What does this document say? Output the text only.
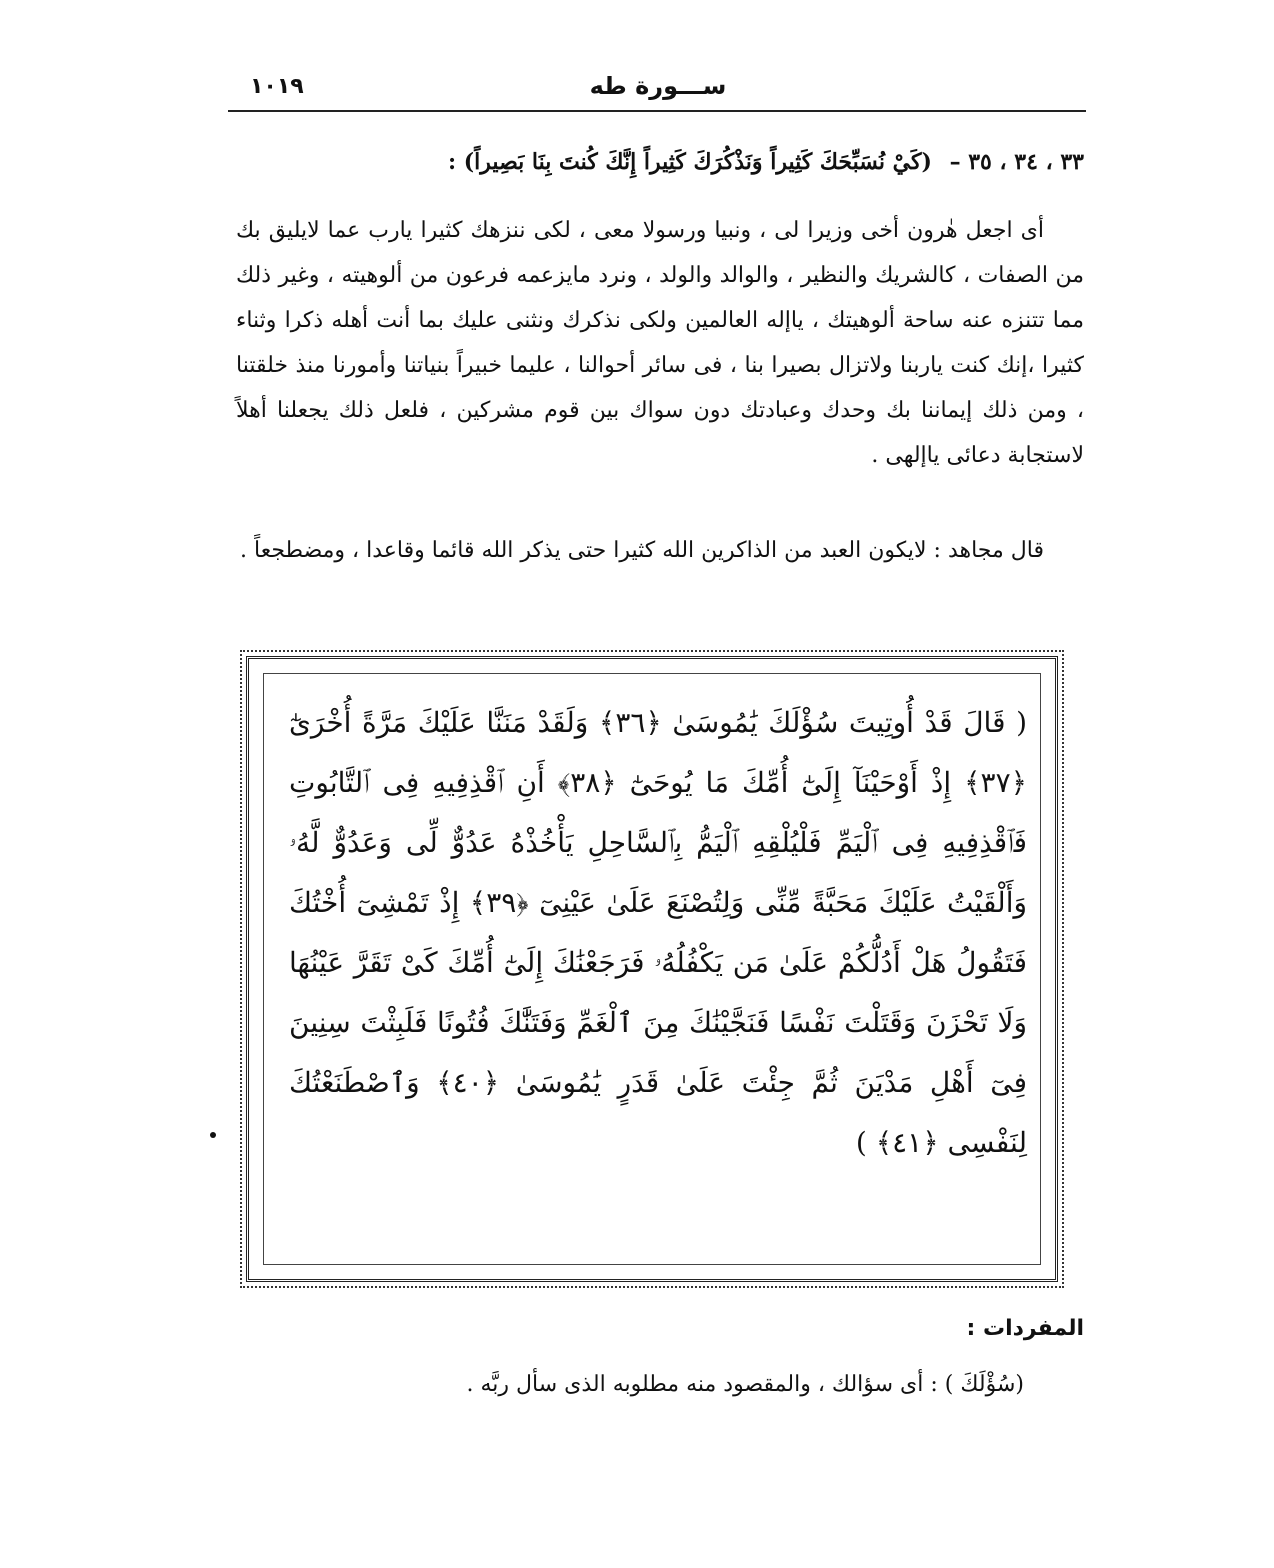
ســـورة طه
١٠١٩
٣٣ ، ٣٤ ، ٣٥ – (كَيْ نُسَبِّحَكَ كَثِيراً وَنَذْكُرَكَ كَثِيراً إِنَّكَ كُنتَ بِنَا بَصِيراً) :
أى اجعل هٰرون أخى وزيرا لى ، ونبيا ورسولا معى ، لكى ننزهك كثيرا يارب عما لايليق بك من الصفات ، كالشريك والنظير ، والوالد والولد ، ونرد مايزعمه فرعون من ألوهيته ، وغير ذلك مما تتنزه عنه ساحة ألوهيتك ، ياإله العالمين ولكى نذكرك ونثنى عليك بما أنت أهله ذكرا وثناء كثيرا ،إنك كنت ياربنا ولاتزال بصيرا بنا ، فى سائر أحوالنا ، عليما خبيراً بنياتنا وأمورنا منذ خلقتنا ، ومن ذلك إيماننا بك وحدك وعبادتك دون سواك بين قوم مشركين ، فلعل ذلك يجعلنا أهلاً لاستجابة دعائى ياإلهى .
قال مجاهد : لايكون العبد من الذاكرين الله كثيرا حتى يذكر الله قائما وقاعدا ، ومضطجعاً .
( قَالَ قَدْ أُوتِيتَ سُؤْلَكَ يَٰمُوسَىٰ ﴿٣٦﴾ وَلَقَدْ مَنَنَّا عَلَيْكَ مَرَّةً أُخْرَىٰٓ ﴿٣٧﴾ إِذْ أَوْحَيْنَآ إِلَىٰٓ أُمِّكَ مَا يُوحَىٰٓ ﴿٣٨﴾ أَنِ ٱقْذِفِيهِ فِى ٱلتَّابُوتِ فَٱقْذِفِيهِ فِى ٱلْيَمِّ فَلْيُلْقِهِ ٱلْيَمُّ بِٱلسَّاحِلِ يَأْخُذْهُ عَدُوٌّ لِّى وَعَدُوٌّ لَّهُۥ وَأَلْقَيْتُ عَلَيْكَ مَحَبَّةً مِّنِّى وَلِتُصْنَعَ عَلَىٰ عَيْنِىٓ ﴿٣٩﴾ إِذْ تَمْشِىٓ أُخْتُكَ فَتَقُولُ هَلْ أَدُلُّكُمْ عَلَىٰ مَن يَكْفُلُهُۥ فَرَجَعْنَٰكَ إِلَىٰٓ أُمِّكَ كَىْ تَقَرَّ عَيْنُهَا وَلَا تَحْزَنَ وَقَتَلْتَ نَفْسًا فَنَجَّيْنَٰكَ مِنَ ٱلْغَمِّ وَفَتَنَّٰكَ فُتُونًا فَلَبِثْتَ سِنِينَ فِىٓ أَهْلِ مَدْيَنَ ثُمَّ جِئْتَ عَلَىٰ قَدَرٍ يَٰمُوسَىٰ ﴿٤٠﴾ وَٱصْطَنَعْتُكَ لِنَفْسِى ﴿٤١﴾ )
المفردات :
(سُؤْلَكَ ) : أى سؤالك ، والمقصود منه مطلوبه الذى سأل ربَّه .
